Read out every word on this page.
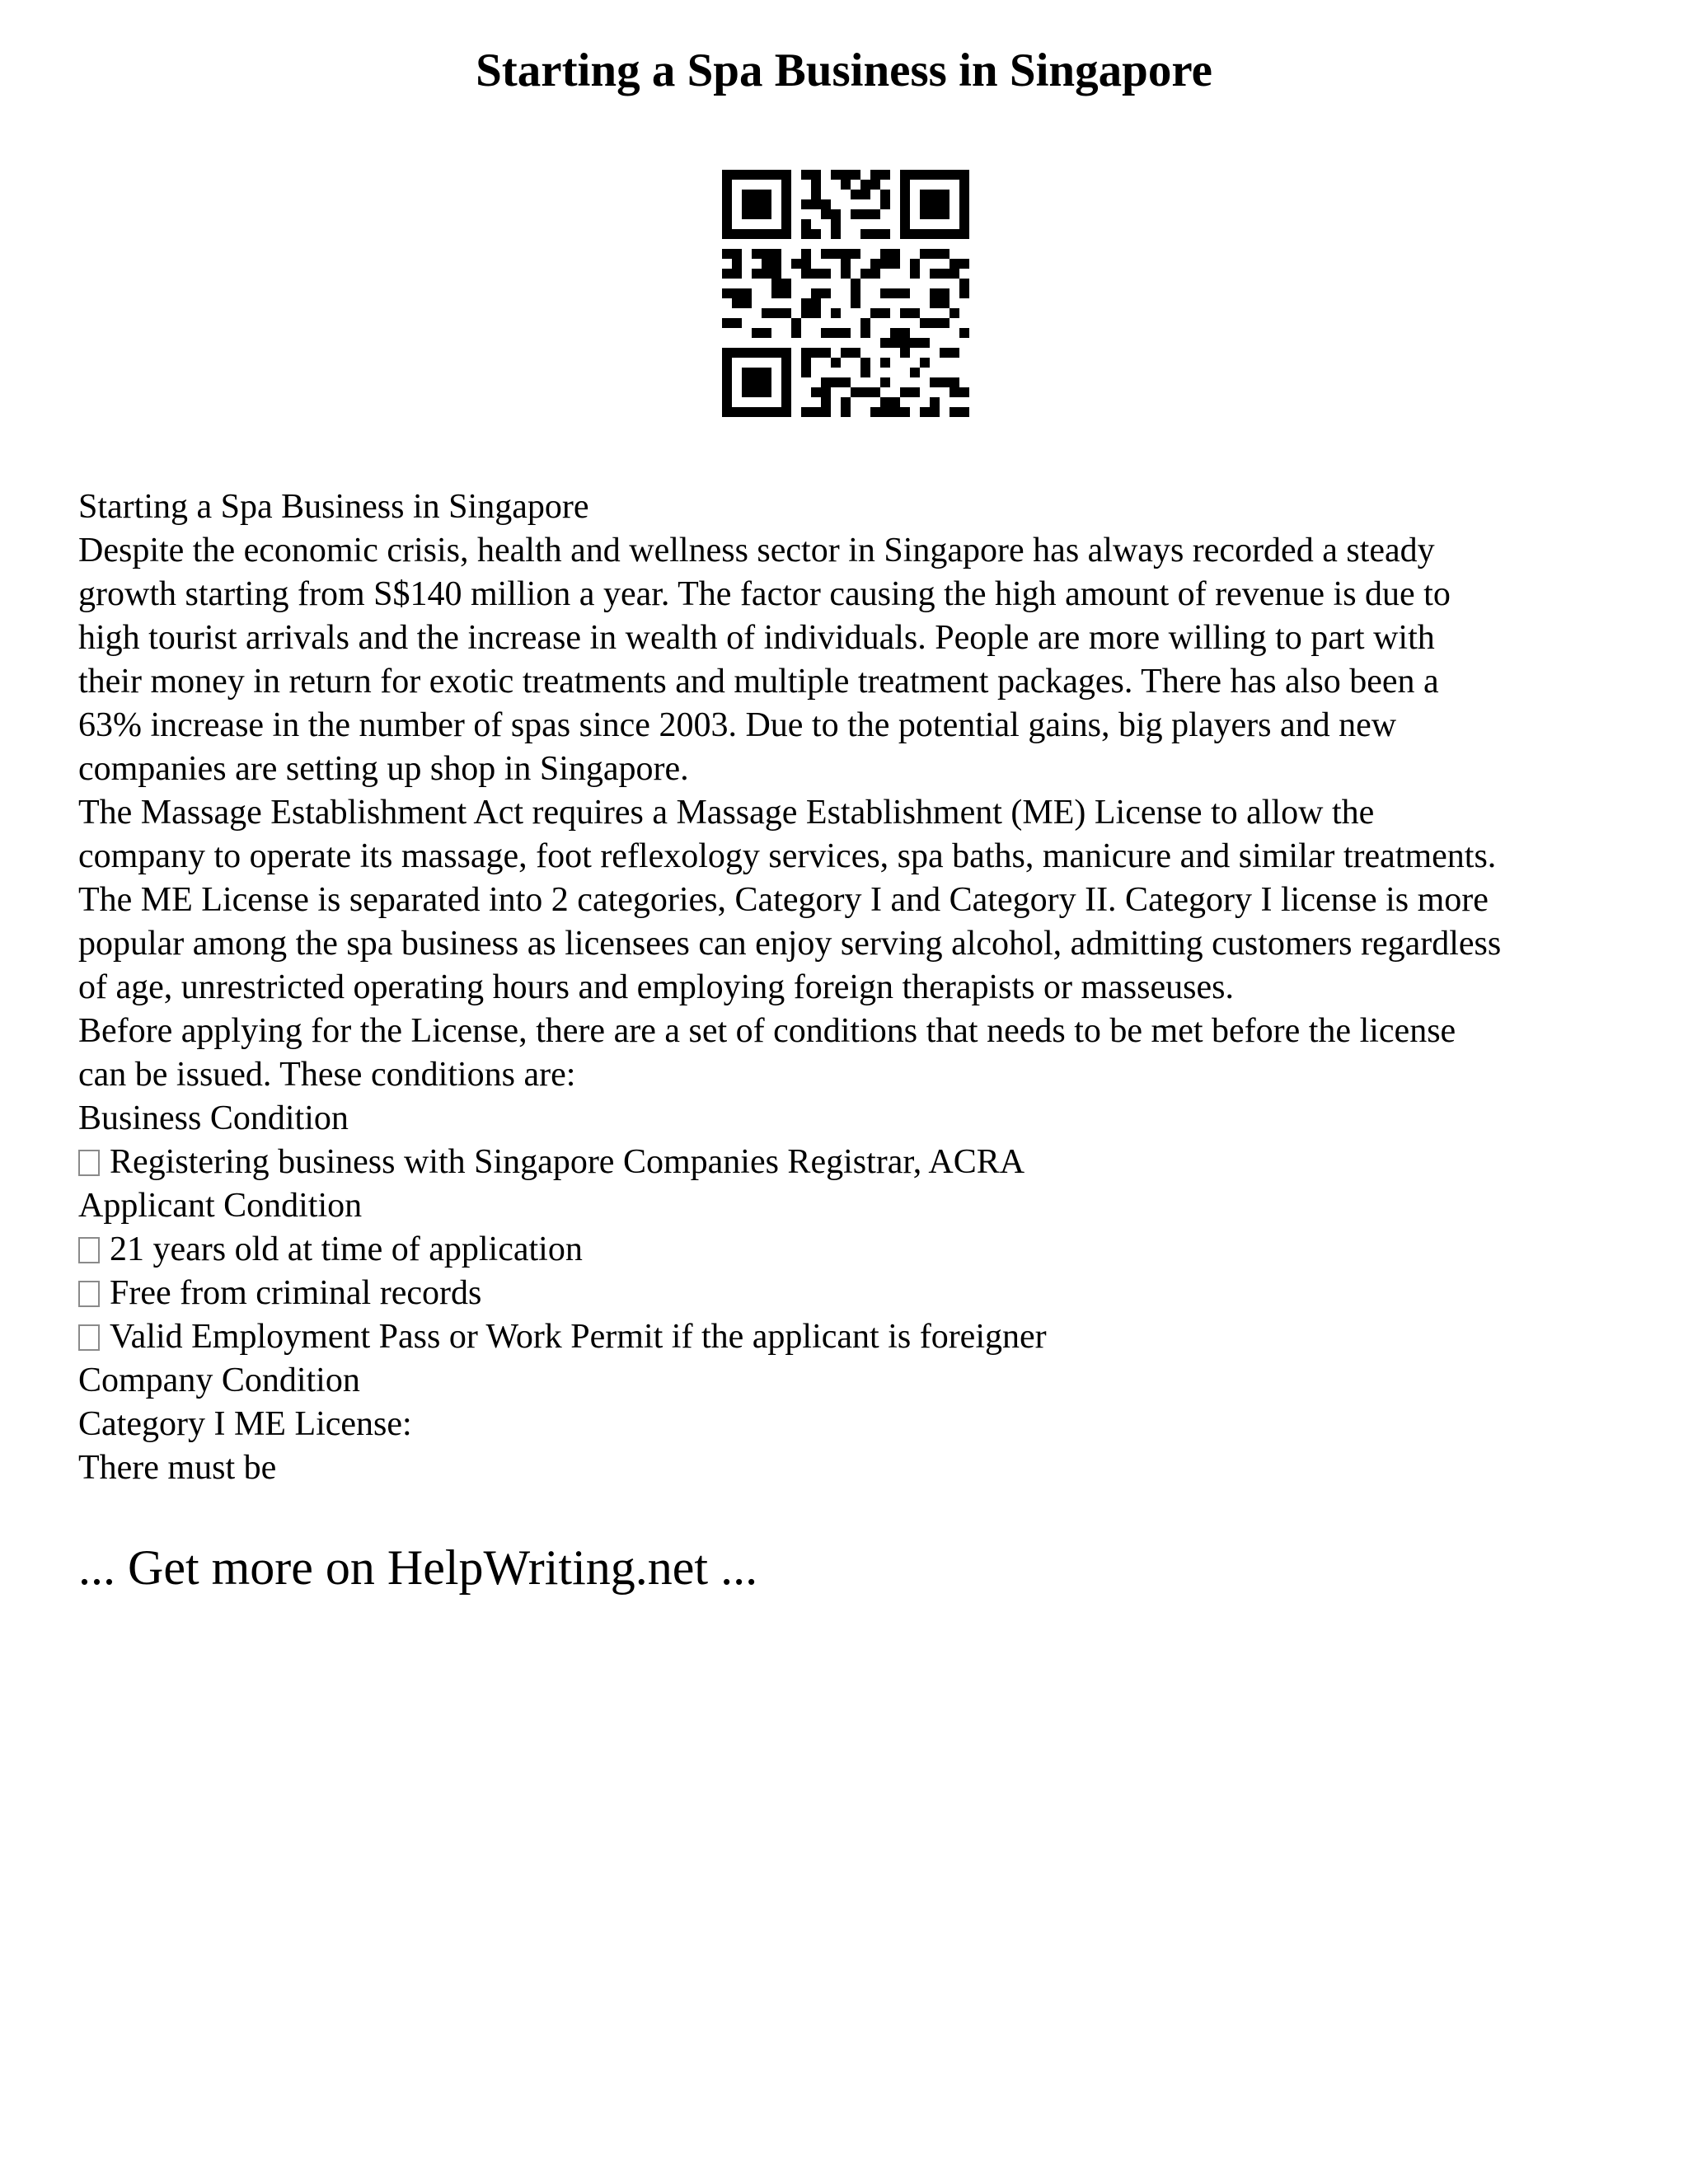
Starting a Spa Business in Singapore
Starting a Spa Business in Singapore
Despite the economic crisis, health and wellness sector in Singapore has always recorded a steady
growth starting from S$140 million a year. The factor causing the high amount of revenue is due to
high tourist arrivals and the increase in wealth of individuals. People are more willing to part with
their money in return for exotic treatments and multiple treatment packages. There has also been a
63% increase in the number of spas since 2003. Due to the potential gains, big players and new
companies are setting up shop in Singapore.
The Massage Establishment Act requires a Massage Establishment (ME) License to allow the
company to operate its massage, foot reflexology services, spa baths, manicure and similar treatments.
The ME License is separated into 2 categories, Category I and Category II. Category I license is more
popular among the spa business as licensees can enjoy serving alcohol, admitting customers regardless
of age, unrestricted operating hours and employing foreign therapists or masseuses.
Before applying for the License, there are a set of conditions that needs to be met before the license
can be issued. These conditions are:
Business Condition
Registering business with Singapore Companies Registrar, ACRA
Applicant Condition
21 years old at time of application
Free from criminal records
Valid Employment Pass or Work Permit if the applicant is foreigner
Company Condition
Category I ME License:
There must be
... Get more on HelpWriting.net ...
